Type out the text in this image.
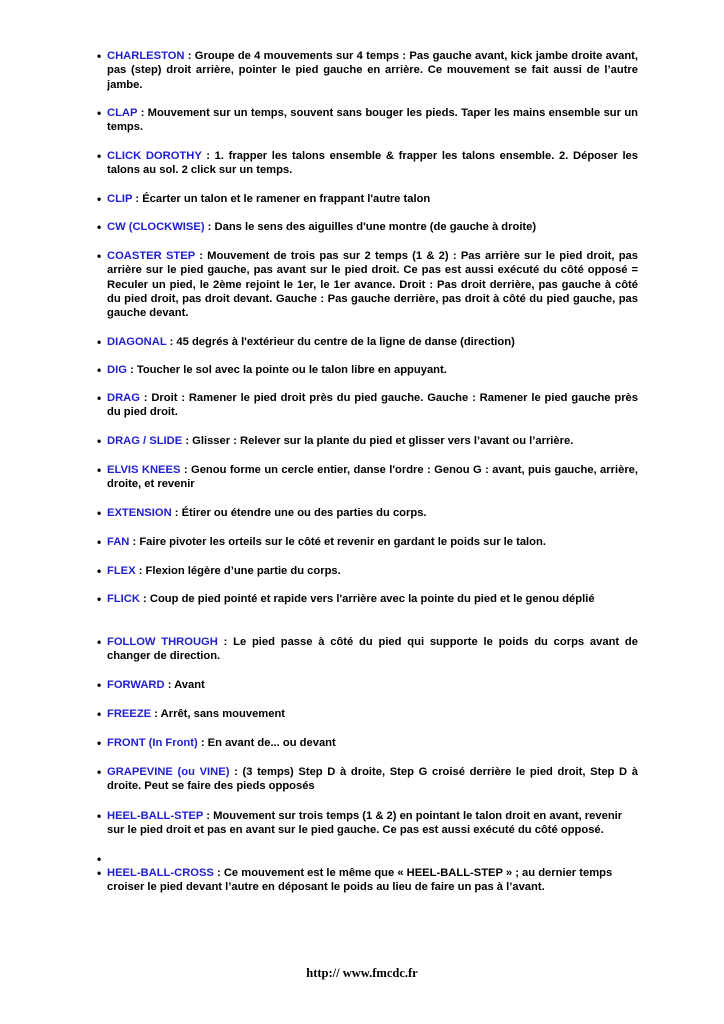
• CHARLESTON : Groupe de 4 mouvements sur 4 temps : Pas gauche avant, kick jambe droite avant, pas (step) droit arrière, pointer le pied gauche en arrière. Ce mouvement se fait aussi de l’autre jambe.
• CLAP : Mouvement sur un temps, souvent sans bouger les pieds. Taper les mains ensemble sur un temps.
• CLICK DOROTHY : 1. frapper les talons ensemble & frapper les talons ensemble. 2. Déposer les talons au sol. 2 click sur un temps.
• CLIP : Écarter un talon et le ramener en frappant l'autre talon
• CW (CLOCKWISE) : Dans le sens des aiguilles d'une montre (de gauche à droite)
• COASTER STEP : Mouvement de trois pas sur 2 temps (1 & 2) : Pas arrière sur le pied droit, pas arrière sur le pied gauche, pas avant sur le pied droit. Ce pas est aussi exécuté du côté opposé = Reculer un pied, le 2ème rejoint le 1er, le 1er avance. Droit : Pas droit derrière, pas gauche à côté du pied droit, pas droit devant. Gauche : Pas gauche derrière, pas droit à côté du pied gauche, pas gauche devant.
• DIAGONAL : 45 degrés à l'extérieur du centre de la ligne de danse (direction)
• DIG : Toucher le sol avec la pointe ou le talon libre en appuyant.
• DRAG : Droit : Ramener le pied droit près du pied gauche. Gauche : Ramener le pied gauche près du pied droit.
• DRAG / SLIDE : Glisser : Relever sur la plante du pied et glisser vers l’avant ou l’arrière.
• ELVIS KNEES : Genou forme un cercle entier, danse l'ordre : Genou G : avant, puis gauche, arrière, droite, et revenir
• EXTENSION : Étirer ou étendre une ou des parties du corps.
• FAN : Faire pivoter les orteils sur le côté et revenir en gardant le poids sur le talon.
• FLEX : Flexion légère d’une partie du corps.
• FLICK : Coup de pied pointé et rapide vers l'arrière avec la pointe du pied et le genou déplié
• FOLLOW THROUGH : Le pied passe à côté du pied qui supporte le poids du corps avant de changer de direction.
• FORWARD : Avant
• FREEZE : Arrêt, sans mouvement
• FRONT (In Front) : En avant de... ou devant
• GRAPEVINE (ou VINE) : (3 temps) Step D à droite, Step G croisé derrière le pied droit, Step D à droite. Peut se faire des pieds opposés
• HEEL-BALL-STEP : Mouvement sur trois temps (1 & 2) en pointant le talon droit en avant, revenir sur le pied droit et pas en avant sur le pied gauche. Ce pas est aussi exécuté du côté opposé.
•
• HEEL-BALL-CROSS : Ce mouvement est le même que « HEEL-BALL-STEP » ; au dernier temps croiser le pied devant l’autre en déposant le poids au lieu de faire un pas à l’avant.
http:// www.fmcdc.fr
